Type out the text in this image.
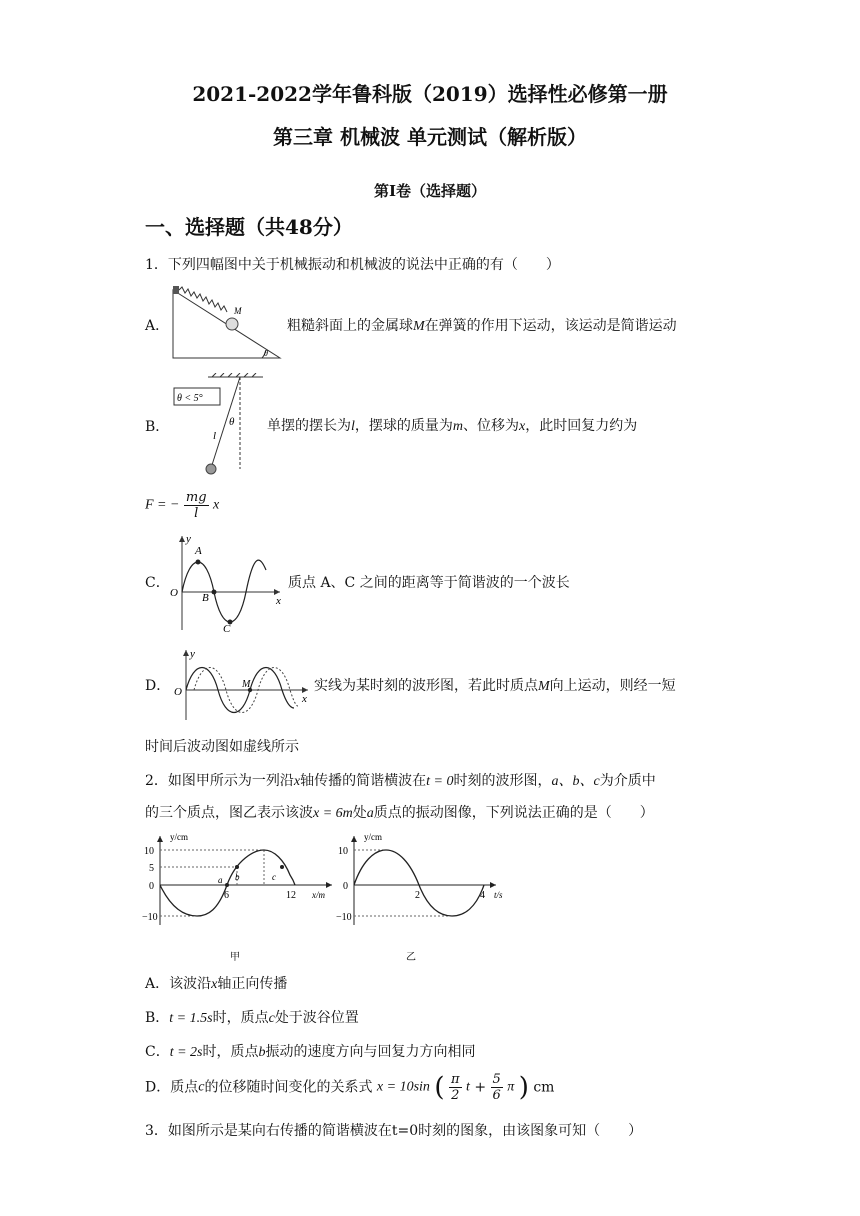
2021-2022学年鲁科版（2019）选择性必修第一册
第三章 机械波 单元测试（解析版）
第Ⅰ卷（选择题）
一、选择题（共48分）
1．下列四幅图中关于机械振动和机械波的说法中正确的有（　　）
A．
M
θ
粗糙斜面上的金属球M在弹簧的作用下运动，该运动是简谐运动
B．
θ < 5°
l
θ 单摆的摆长为l，摆球的质量为m、位移为x，此时回复力约为
F = − $\frac{mg}{l}$ x
C．
y
x
O
A
B
C
质点 A、C 之间的距离等于简谐波的一个波长
D．
y
x
O
M	实线为某时刻的波形图，若此时质点M向上运动，则经一短
时间后波动图如虚线所示
2．如图甲所示为一列沿x轴传播的简谐横波在t = 0时刻的波形图，a、b、c为介质中
的三个质点，图乙表示该波x = 6m处a质点的振动图像，下列说法正确的是（　　）
y/cm
x/m
10
5
0
−10
6	12
a b	c
甲
y/cm
t/s
10
0
−10
2	4
乙
A．该波沿x轴正向传播
B．t = 1.5s时，质点c处于波谷位置
C．t = 2s时，质点b振动的速度方向与回复力方向相同
D．质点c的位移随时间变化的关系式 x = 10sin ( $\frac{\pi}{2}$ $t + \frac{5}{6}$ π ) cm
3．如图所示是某向右传播的简谐横波在t=0时刻的图象，由该图象可知（　　）
